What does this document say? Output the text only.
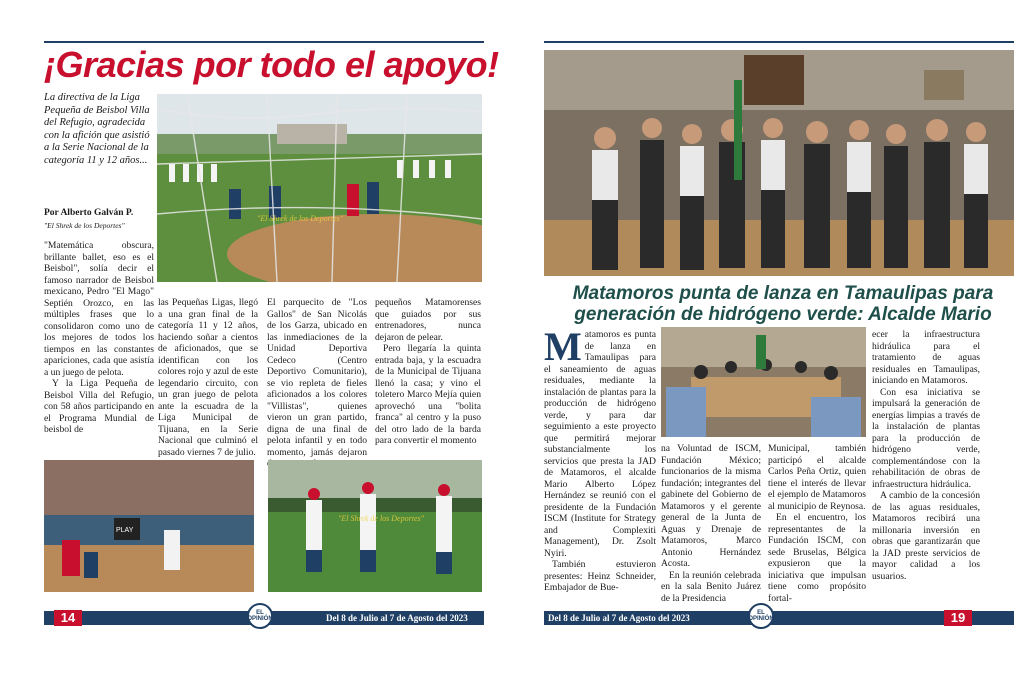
¡Gracias por todo el apoyo!
"El Shrek de los Deportes"
La directiva de la Liga Pequeña de Beisbol Villa del Refugio, agradecida con la afición que asistió a la Serie Nacional de la categoría 11 y 12 años...
Por Alberto Galván P.
"El Shrek de los Deportes"

"Matemática obscura, brillante ballet, eso es el Beisbol", solía decir el famoso narrador de Beisbol mexicano, Pedro "El Mago" Septién Orozco, en las múltiples frases que lo consolidaron como uno de los mejores de todos los tiempos en las constantes apariciones, cada que asistía a un juego de pelota.

Y la Liga Pequeña de Beisbol Villa del Refugio, con 58 años participando en el Programa Mundial de beisbol de

las Pequeñas Ligas, llegó a una gran final de la categoría 11 y 12 años, haciendo soñar a cientos de aficionados, que se identifican con los colores rojo y azul de este legendario circuito, con un gran juego de pelota ante la escuadra de la Liga Municipal de Tijuana, en la Serie Nacional que culminó el pasado viernes 7 de julio.

El parquecito de "Los Gallos" de San Nicolás de los Garza, ubicado en las inmediaciones de la Unidad Deportiva Cedeco (Centro Deportivo Comunitario), se vio repleta de fieles aficionados a los colores "Villistas", quienes vieron un gran partido, digna de una final de pelota infantil y en todo momento, jamás dejaron

pequeños Matamorenses que guiados por sus entrenadores, nunca dejaron de pelear.

Pero llegaría la quinta entrada baja, y la escuadra de la Municipal de Tijuana llenó la casa; y vino el toletero Marco Mejía quien aprovechó una "bolita franca" al centro y la puso del otro lado de la barda para convertir el momento

PLAY
"El Shrek de los Deportes"
14	EL OPINIÓN	Del 8 de Julio al 7 de Agosto del 2023
Matamoros punta de lanza en Tamaulipas para generación de hidrógeno verde: Alcalde Mario
M atamoros es punta de lanza en Tamaulipas para el saneamiento de aguas residuales, mediante la instalación de plantas para la producción de hidrógeno verde, y para dar seguimiento a este proyecto que permitirá mejorar substancialmente los servicios que presta la JAD de Matamoros, el alcalde Mario Alberto López Hernández se reunió con el presidente de la Fundación ISCM (Institute for Strategy and Complexiti Management), Dr. Zsolt Nyiri.

También estuvieron presentes: Heinz Schneider, Embajador de Bue-

na Voluntad de ISCM, Fundación México; funcionarios de la misma fundación; integrantes del gabinete del Gobierno de Matamoros y el gerente general de la Junta de Aguas y Drenaje de Matamoros, Marco Antonio Hernández Acosta.

En la reunión celebrada en la sala Benito Juárez de la Presidencia

Municipal, también participó el alcalde Carlos Peña Ortiz, quien tiene el interés de llevar el ejemplo de Matamoros al municipio de Reynosa.

En el encuentro, los representantes de la Fundación ISCM, con sede Bruselas, Bélgica expusieron que la iniciativa que impulsan tiene como propósito fortal-

ecer la infraestructura hidráulica para el tratamiento de aguas residuales en Tamaulipas, iniciando en Matamoros.

Con esa iniciativa se impulsará la generación de energías limpias a través de la instalación de plantas para la producción de hidrógeno verde, complementándose con la rehabilitación de obras de infraestructura hidráulica.

A cambio de la concesión de las aguas residuales, Matamoros recibirá una millonaria inversión en obras que garantizarán que la JAD preste servicios de mayor calidad a los usuarios.

Del 8 de Julio al 7 de Agosto del 2023	EL OPINIÓN	19
